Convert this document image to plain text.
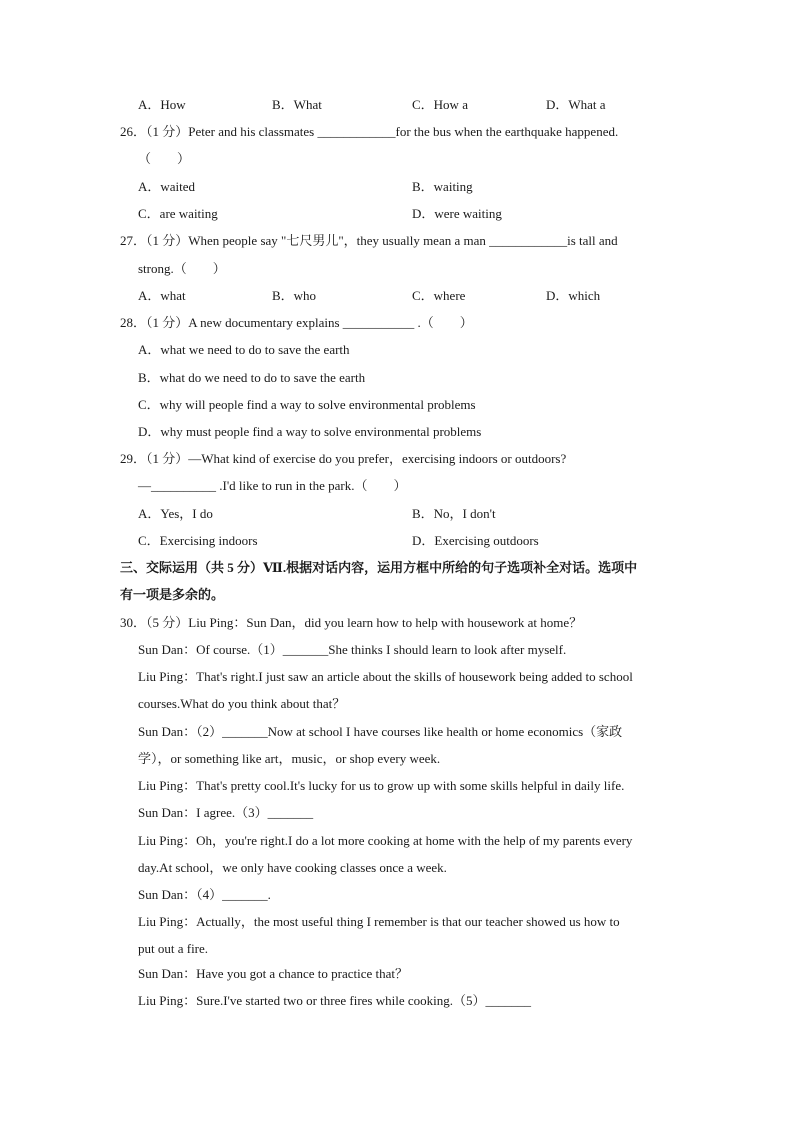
A．How	B．What	C．How a	D．What a
26．（1 分）Peter and his classmates ____________for the bus when the earthquake happened.
（　　）
A．waited	B．waiting
C．are waiting	D．were waiting
27．（1 分）When people say "七尺男儿"，they usually mean a man ____________is tall and
strong.（　　）
A．what	B．who	C．where	D．which
28．（1 分）A new documentary explains ___________ .（　　）
A．what we need to do to save the earth
B．what do we need to do to save the earth
C．why will people find a way to solve environmental problems
D．why must people find a way to solve environmental problems
29．（1 分）—What kind of exercise do you prefer，exercising indoors or outdoors?
—__________ .I'd like to run in the park.（　　）
A．Yes，I do	B．No，I don't
C．Exercising indoors	D．Exercising outdoors
三、交际运用（共 5 分）Ⅶ.根据对话内容，运用方框中所给的句子选项补全对话。选项中
有一项是多余的。
30．（5 分）Liu Ping：Sun Dan，did you learn how to help with housework at home？
Sun Dan：Of course.（1）_______She thinks I should learn to look after myself.
Liu Ping：That's right.I just saw an article about the skills of housework being added to school
courses.What do you think about that？
Sun Dan：（2）_______Now at school I have courses like health or home economics（家政
学），or something like art，music，or shop every week.
Liu Ping：That's pretty cool.It's lucky for us to grow up with some skills helpful in daily life.
Sun Dan：I agree.（3）_______
Liu Ping：Oh，you're right.I do a lot more cooking at home with the help of my parents every
day.At school，we only have cooking classes once a week.
Sun Dan：（4）_______.
Liu Ping：Actually，the most useful thing I remember is that our teacher showed us how to
put out a fire.
Sun Dan：Have you got a chance to practice that？
Liu Ping：Sure.I've started two or three fires while cooking.（5）_______
